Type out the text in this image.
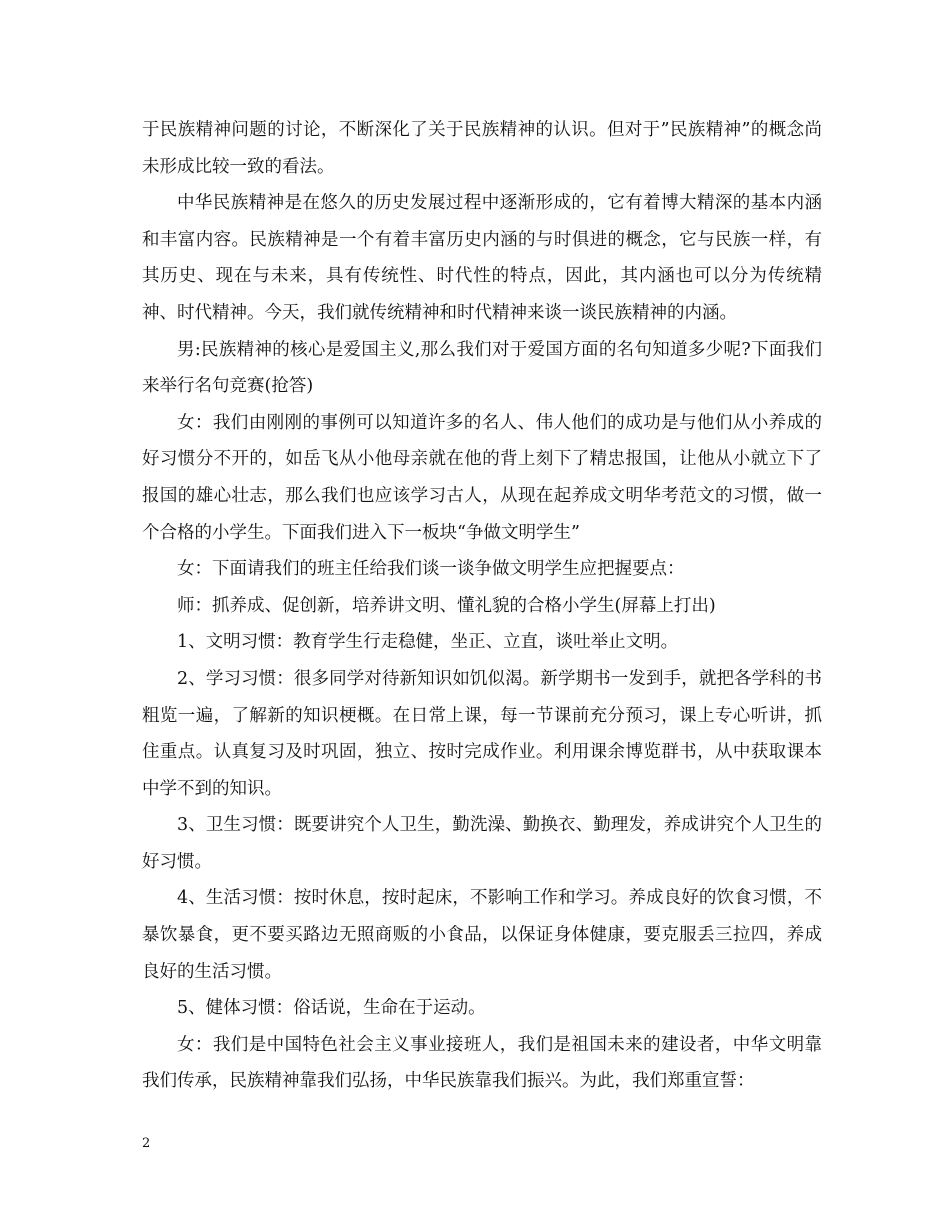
于民族精神问题的讨论，不断深化了关于民族精神的认识。但对于”民族精神”的概念尚未形成比较一致的看法。

中华民族精神是在悠久的历史发展过程中逐渐形成的，它有着博大精深的基本内涵和丰富内容。民族精神是一个有着丰富历史内涵的与时俱进的概念，它与民族一样，有其历史、现在与未来，具有传统性、时代性的特点，因此，其内涵也可以分为传统精神、时代精神。今天，我们就传统精神和时代精神来谈一谈民族精神的内涵。

男:民族精神的核心是爱国主义,那么我们对于爱国方面的名句知道多少呢?下面我们来举行名句竞赛(抢答)

女：我们由刚刚的事例可以知道许多的名人、伟人他们的成功是与他们从小养成的好习惯分不开的，如岳飞从小他母亲就在他的背上刻下了精忠报国，让他从小就立下了报国的雄心壮志，那么我们也应该学习古人，从现在起养成文明华考范文的习惯，做一个合格的小学生。下面我们进入下一板块“争做文明学生”

女：下面请我们的班主任给我们谈一谈争做文明学生应把握要点：

师：抓养成、促创新，培养讲文明、懂礼貌的合格小学生(屏幕上打出)

1、文明习惯：教育学生行走稳健，坐正、立直，谈吐举止文明。

2、学习习惯：很多同学对待新知识如饥似渴。新学期书一发到手，就把各学科的书粗览一遍，了解新的知识梗概。在日常上课，每一节课前充分预习，课上专心听讲，抓住重点。认真复习及时巩固，独立、按时完成作业。利用课余博览群书，从中获取课本中学不到的知识。

3、卫生习惯：既要讲究个人卫生，勤洗澡、勤换衣、勤理发，养成讲究个人卫生的好习惯。

4、生活习惯：按时休息，按时起床，不影响工作和学习。养成良好的饮食习惯，不暴饮暴食，更不要买路边无照商贩的小食品，以保证身体健康，要克服丢三拉四，养成良好的生活习惯。

5、健体习惯：俗话说，生命在于运动。

女：我们是中国特色社会主义事业接班人，我们是祖国未来的建设者，中华文明靠我们传承，民族精神靠我们弘扬，中华民族靠我们振兴。为此，我们郑重宣誓：

2
